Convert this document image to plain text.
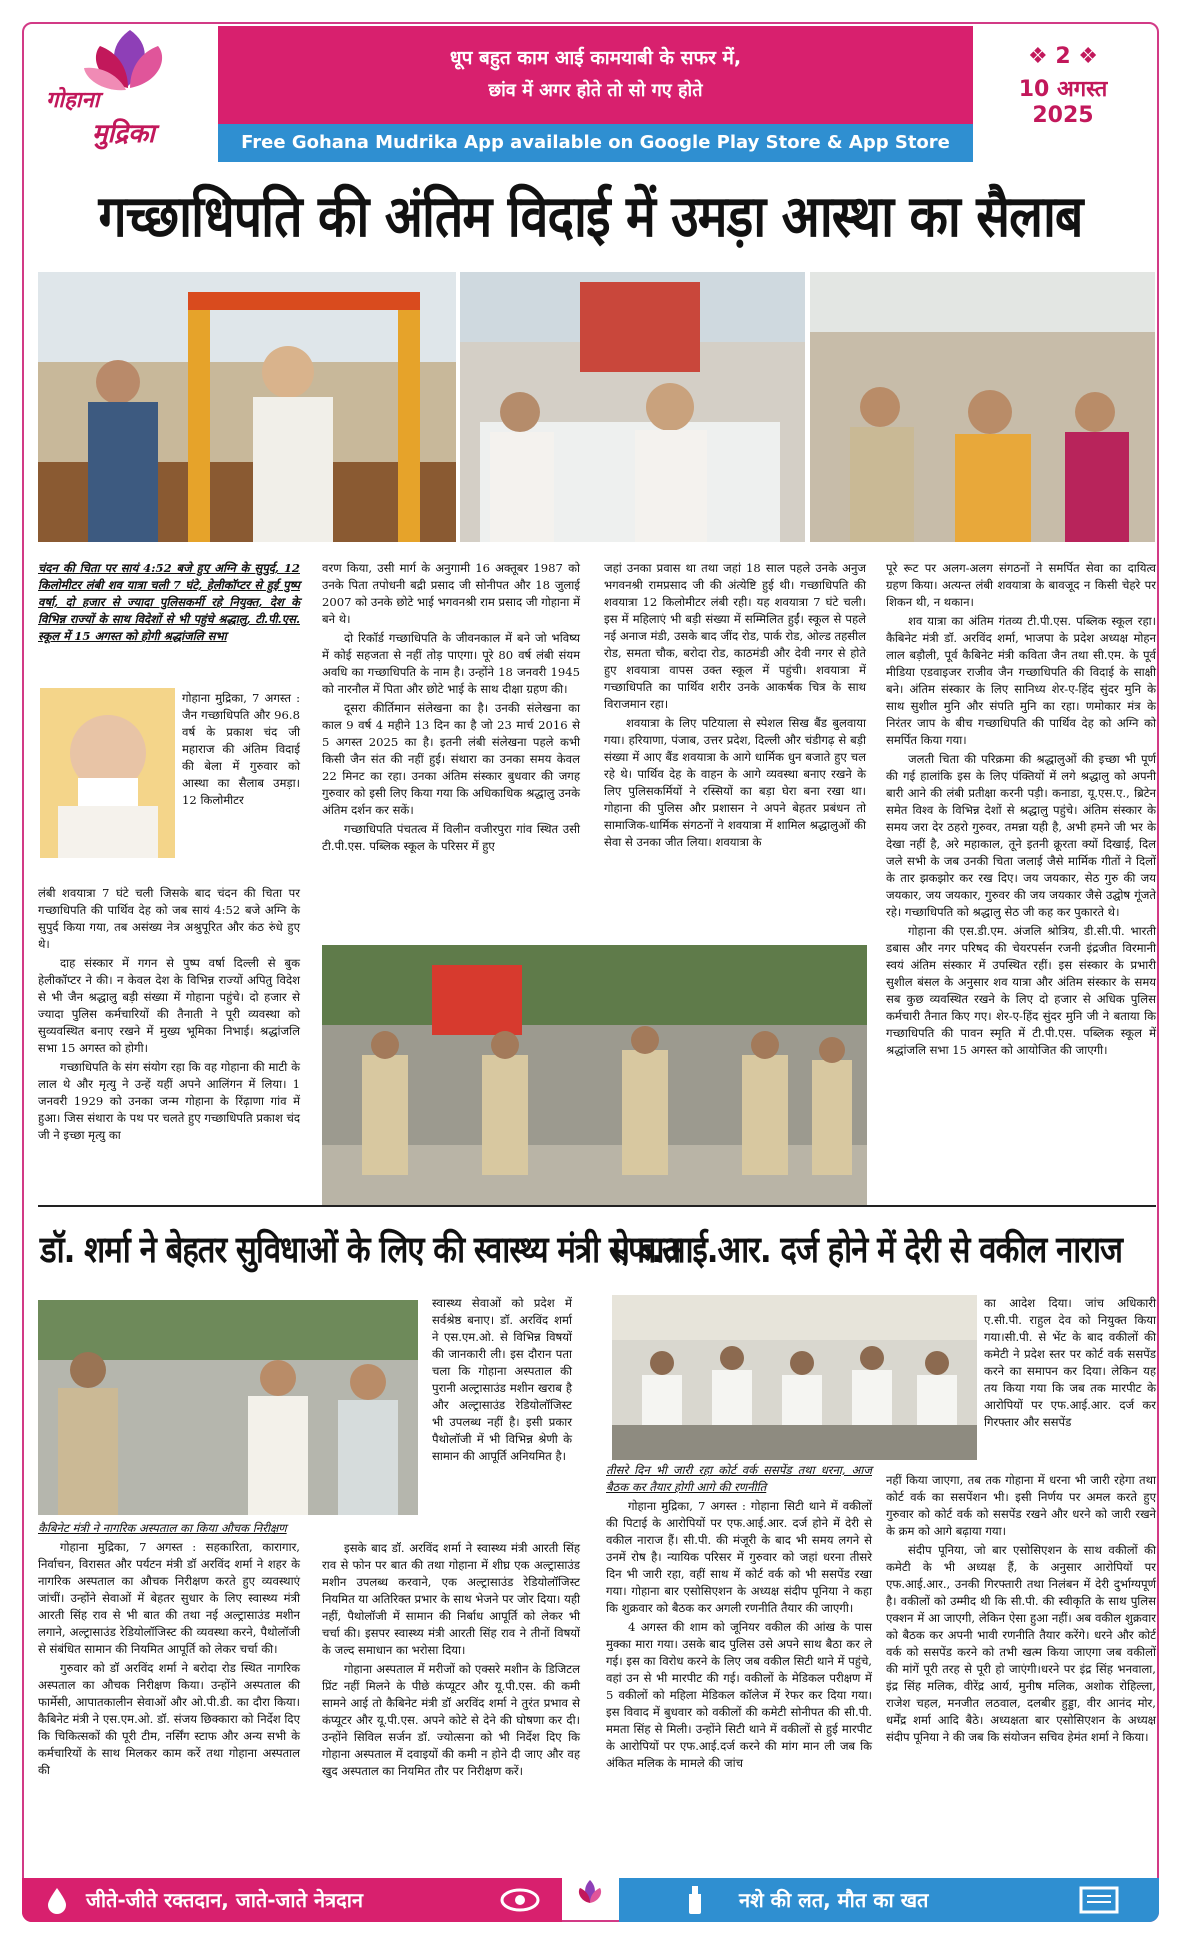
गोहाना
मुद्रिका
धूप बहुत काम आई कामयाबी के सफर में,
छांव में अगर होते तो सो गए होते
Free Gohana Mudrika App available on Google Play Store & App Store
❖ 2 ❖
10 अगस्त
2025
गच्छाधिपति की अंतिम विदाई में उमड़ा आस्था का सैलाब

चंदन की चिता पर सायं 4:52 बजे हुए अग्नि के सुपुर्द, 12 किलोमीटर लंबी शव यात्रा चली 7 घंटे, हेलीकॉप्टर से हुई पुष्प वर्षा, दो हजार से ज्यादा पुलिसकर्मी रहे नियुक्त, देश के विभिन्न राज्यों के साथ विदेशों से भी पहुंचे श्रद्धालु, टी.पी.एस. स्कूल में 15 अगस्त को होगी श्रद्धांजलि सभा

गोहाना मुद्रिका, 7 अगस्त : जैन गच्छाधिपति और 96.8 वर्ष के प्रकाश चंद जी महाराज की अंतिम विदाई की बेला में गुरुवार को आस्था का सैलाब उमड़ा। 12 किलोमीटर

लंबी शवयात्रा 7 घंटे चली जिसके बाद चंदन की चिता पर गच्छाधिपति की पार्थिव देह को जब सायं 4:52 बजे अग्नि के सुपुर्द किया गया, तब असंख्य नेत्र अश्रुपूरित और कंठ रुंधे हुए थे।

दाह संस्कार में गगन से पुष्प वर्षा दिल्ली से बुक हेलीकॉप्टर ने की। न केवल देश के विभिन्न राज्यों अपितु विदेश से भी जैन श्रद्धालु बड़ी संख्या में गोहाना पहुंचे। दो हजार से ज्यादा पुलिस कर्मचारियों की तैनाती ने पूरी व्यवस्था को सुव्यवस्थित बनाए रखने में मुख्य भूमिका निभाई। श्रद्धांजलि सभा 15 अगस्त को होगी।

गच्छाधिपति के संग संयोग रहा कि वह गोहाना की माटी के लाल थे और मृत्यु ने उन्हें यहीं अपने आलिंगन में लिया। 1 जनवरी 1929 को उनका जन्म गोहाना के रिंढ़ाणा गांव में हुआ। जिस संथारा के पथ पर चलते हुए गच्छाधिपति प्रकाश चंद जी ने इच्छा मृत्यु का

वरण किया, उसी मार्ग के अनुगामी 16 अक्तूबर 1987 को उनके पिता तपोधनी बद्री प्रसाद जी सोनीपत और 18 जुलाई 2007 को उनके छोटे भाई भगवनश्री राम प्रसाद जी गोहाना में बने थे।

दो रिकॉर्ड गच्छाधिपति के जीवनकाल में बने जो भविष्य में कोई सहजता से नहीं तोड़ पाएगा। पूरे 80 वर्ष लंबी संयम अवधि का गच्छाधिपति के नाम है। उन्होंने 18 जनवरी 1945 को नारनौल में पिता और छोटे भाई के साथ दीक्षा ग्रहण की।

दूसरा कीर्तिमान संलेखना का है। उनकी संलेखना का काल 9 वर्ष 4 महीने 13 दिन का है जो 23 मार्च 2016 से 5 अगस्त 2025 का है। इतनी लंबी संलेखना पहले कभी किसी जैन संत की नहीं हुई। संथारा का उनका समय केवल 22 मिनट का रहा। उनका अंतिम संस्कार बुधवार की जगह गुरुवार को इसी लिए किया गया कि अधिकाधिक श्रद्धालु उनके अंतिम दर्शन कर सकें।

गच्छाधिपति पंचतत्व में विलीन वजीरपुरा गांव स्थित उसी टी.पी.एस. पब्लिक स्कूल के परिसर में हुए

जहां उनका प्रवास था तथा जहां 18 साल पहले उनके अनुज भगवनश्री रामप्रसाद जी की अंत्येष्टि हुई थी। गच्छाधिपति की शवयात्रा 12 किलोमीटर लंबी रही। यह शवयात्रा 7 घंटे चली। इस में महिलाएं भी बड़ी संख्या में सम्मिलित हुईं। स्कूल से पहले नई अनाज मंडी, उसके बाद जींद रोड, पार्क रोड, ओल्ड तहसील रोड, समता चौक, बरोदा रोड, काठमंडी और देवी नगर से होते हुए शवयात्रा वापस उक्त स्कूल में पहुंची। शवयात्रा में गच्छाधिपति का पार्थिव शरीर उनके आकर्षक चित्र के साथ विराजमान रहा।

शवयात्रा के लिए पटियाला से स्पेशल सिख बैंड बुलवाया गया। हरियाणा, पंजाब, उत्तर प्रदेश, दिल्ली और चंडीगढ़ से बड़ी संख्या में आए बैंड शवयात्रा के आगे धार्मिक धुन बजाते हुए चल रहे थे। पार्थिव देह के वाहन के आगे व्यवस्था बनाए रखने के लिए पुलिसकर्मियों ने रस्सियों का बड़ा घेरा बना रखा था। गोहाना की पुलिस और प्रशासन ने अपने बेहतर प्रबंधन तो सामाजिक-धार्मिक संगठनों ने शवयात्रा में शामिल श्रद्धालुओं की सेवा से उनका जीत लिया। शवयात्रा के

पूरे रूट पर अलग-अलग संगठनों ने समर्पित सेवा का दायित्व ग्रहण किया। अत्यन्त लंबी शवयात्रा के बावजूद न किसी चेहरे पर शिकन थी, न थकान।

शव यात्रा का अंतिम गंतव्य टी.पी.एस. पब्लिक स्कूल रहा। कैबिनेट मंत्री डॉ. अरविंद शर्मा, भाजपा के प्रदेश अध्यक्ष मोहन लाल बड़ौली, पूर्व कैबिनेट मंत्री कविता जैन तथा सी.एम. के पूर्व मीडिया एडवाइजर राजीव जैन गच्छाधिपति की विदाई के साक्षी बने। अंतिम संस्कार के लिए सानिध्य शेर-ए-हिंद सुंदर मुनि के साथ सुशील मुनि और संपति मुनि का रहा। णमोकार मंत्र के निरंतर जाप के बीच गच्छाधिपति की पार्थिव देह को अग्नि को समर्पित किया गया।

जलती चिता की परिक्रमा की श्रद्धालुओं की इच्छा भी पूर्ण की गई हालांकि इस के लिए पंक्तियों में लगे श्रद्धालु को अपनी बारी आने की लंबी प्रतीक्षा करनी पड़ी। कनाडा, यू.एस.ए., ब्रिटेन समेत विश्व के विभिन्न देशों से श्रद्धालु पहुंचे। अंतिम संस्कार के समय जरा देर ठहरो गुरुवर, तमन्ना यही है, अभी हमने जी भर के देखा नहीं है, अरे महाकाल, तूने इतनी क्रूरता क्यों दिखाई, दिल जले सभी के जब उनकी चिता जलाई जैसे मार्मिक गीतों ने दिलों के तार झकझोर कर रख दिए। जय जयकार, सेठ गुरु की जय जयकार, जय जयकार, गुरुवर की जय जयकार जैसे उद्घोष गूंजते रहे। गच्छाधिपति को श्रद्धालु सेठ जी कह कर पुकारते थे।

गोहाना की एस.डी.एम. अंजलि श्रोत्रिय, डी.सी.पी. भारती डबास और नगर परिषद की चेयरपर्सन रजनी इंद्रजीत विरमानी स्वयं अंतिम संस्कार में उपस्थित रहीं। इस संस्कार के प्रभारी सुशील बंसल के अनुसार शव यात्रा और अंतिम संस्कार के समय सब कुछ व्यवस्थित रखने के लिए दो हजार से अधिक पुलिस कर्मचारी तैनात किए गए। शेर-ए-हिंद सुंदर मुनि जी ने बताया कि गच्छाधिपति की पावन स्मृति में टी.पी.एस. पब्लिक स्कूल में श्रद्धांजलि सभा 15 अगस्त को आयोजित की जाएगी।

डॉ. शर्मा ने बेहतर सुविधाओं के लिए की स्वास्थ्य मंत्री से बात

स्वास्थ्य सेवाओं को प्रदेश में सर्वश्रेष्ठ बनाए। डॉ. अरविंद शर्मा ने एस.एम.ओ. से विभिन्न विषयों की जानकारी ली। इस दौरान पता चला कि गोहाना अस्पताल की पुरानी अल्ट्रासाउंड मशीन खराब है और अल्ट्रासाउंड रेडियोलॉजिस्ट भी उपलब्ध नहीं है। इसी प्रकार पैथोलॉजी में भी विभिन्न श्रेणी के सामान की आपूर्ति अनियमित है।

कैबिनेट मंत्री ने नागरिक अस्पताल का किया औचक निरीक्षण

गोहाना मुद्रिका, 7 अगस्त : सहकारिता, कारागार, निर्वाचन, विरासत और पर्यटन मंत्री डॉ अरविंद शर्मा ने शहर के नागरिक अस्पताल का औचक निरीक्षण करते हुए व्यवस्थाएं जांचीं। उन्होंने सेवाओं में बेहतर सुधार के लिए स्वास्थ्य मंत्री आरती सिंह राव से भी बात की तथा नई अल्ट्रासाउंड मशीन लगाने, अल्ट्रासाउंड रेडियोलॉजिस्ट की व्यवस्था करने, पैथोलॉजी से संबंधित सामान की नियमित आपूर्ति को लेकर चर्चा की।

गुरुवार को डॉ अरविंद शर्मा ने बरोदा रोड स्थित नागरिक अस्पताल का औचक निरीक्षण किया। उन्होंने अस्पताल की फार्मेसी, आपातकालीन सेवाओं और ओ.पी.डी. का दौरा किया। कैबिनेट मंत्री ने एस.एम.ओ. डॉ. संजय छिक्कारा को निर्देश दिए कि चिकित्सकों की पूरी टीम, नर्सिंग स्टाफ और अन्य सभी के कर्मचारियों के साथ मिलकर काम करें तथा गोहाना अस्पताल की

इसके बाद डॉ. अरविंद शर्मा ने स्वास्थ्य मंत्री आरती सिंह राव से फोन पर बात की तथा गोहाना में शीघ्र एक अल्ट्रासाउंड मशीन उपलब्ध करवाने, एक अल्ट्रासाउंड रेडियोलॉजिस्ट नियमित या अतिरिक्त प्रभार के साथ भेजने पर जोर दिया। यही नहीं, पैथोलॉजी में सामान की निर्बाध आपूर्ति को लेकर भी चर्चा की। इसपर स्वास्थ्य मंत्री आरती सिंह राव ने तीनों विषयों के जल्द समाधान का भरोसा दिया।

गोहाना अस्पताल में मरीजों को एक्सरे मशीन के डिजिटल प्रिंट नहीं मिलने के पीछे कंप्यूटर और यू.पी.एस. की कमी सामने आई तो कैबिनेट मंत्री डॉ अरविंद शर्मा ने तुरंत प्रभाव से कंप्यूटर और यू.पी.एस. अपने कोटे से देने की घोषणा कर दी। उन्होंने सिविल सर्जन डॉ. ज्योत्सना को भी निर्देश दिए कि गोहाना अस्पताल में दवाइयों की कमी न होने दी जाए और वह खुद अस्पताल का नियमित तौर पर निरीक्षण करें।

एफ.आई.आर. दर्ज होने में देरी से वकील नाराज

का आदेश दिया। जांच अधिकारी ए.सी.पी. राहुल देव को नियुक्त किया गया।सी.पी. से भेंट के बाद वकीलों की कमेटी ने प्रदेश स्तर पर कोर्ट वर्क ससपेंड करने का समापन कर दिया। लेकिन यह तय किया गया कि जब तक मारपीट के आरोपियों पर एफ.आई.आर. दर्ज कर गिरफ्तार और ससपेंड

तीसरे दिन भी जारी रहा कोर्ट वर्क ससपेंड तथा धरना, आज बैठक कर तैयार होगी आगे की रणनीति

गोहाना मुद्रिका, 7 अगस्त : गोहाना सिटी थाने में वकीलों की पिटाई के आरोपियों पर एफ.आई.आर. दर्ज होने में देरी से वकील नाराज हैं। सी.पी. की मंजूरी के बाद भी समय लगने से उनमें रोष है। न्यायिक परिसर में गुरुवार को जहां धरना तीसरे दिन भी जारी रहा, वहीं साथ में कोर्ट वर्क को भी ससपेंड रखा गया। गोहाना बार एसोसिएशन के अध्यक्ष संदीप पूनिया ने कहा कि शुक्रवार को बैठक कर अगली रणनीति तैयार की जाएगी।

4 अगस्त की शाम को जूनियर वकील की आंख के पास मुक्का मारा गया। उसके बाद पुलिस उसे अपने साथ बैठा कर ले गई। इस का विरोध करने के लिए जब वकील सिटी थाने में पहुंचे, वहां उन से भी मारपीट की गई। वकीलों के मेडिकल परीक्षण में 5 वकीलों को महिला मेडिकल कॉलेज में रेफर कर दिया गया। इस विवाद में बुधवार को वकीलों की कमेटी सोनीपत की सी.पी. ममता सिंह से मिली। उन्होंने सिटी थाने में वकीलों से हुई मारपीट के आरोपियों पर एफ.आई.दर्ज करने की मांग मान ली जब कि अंकित मलिक के मामले की जांच

नहीं किया जाएगा, तब तक गोहाना में धरना भी जारी रहेगा तथा कोर्ट वर्क का ससपेंशन भी। इसी निर्णय पर अमल करते हुए गुरुवार को कोर्ट वर्क को ससपेंड रखने और धरने को जारी रखने के क्रम को आगे बढ़ाया गया।

संदीप पूनिया, जो बार एसोसिएशन के साथ वकीलों की कमेटी के भी अध्यक्ष हैं, के अनुसार आरोपियों पर एफ.आई.आर., उनकी गिरफ्तारी तथा निलंबन में देरी दुर्भाग्यपूर्ण है। वकीलों को उम्मीद थी कि सी.पी. की स्वीकृति के साथ पुलिस एक्शन में आ जाएगी, लेकिन ऐसा हुआ नहीं। अब वकील शुक्रवार को बैठक कर अपनी भावी रणनीति तैयार करेंगे। धरने और कोर्ट वर्क को ससपेंड करने को तभी खत्म किया जाएगा जब वकीलों की मांगें पूरी तरह से पूरी हो जाएंगी।धरने पर इंद्र सिंह भनवाला, इंद्र सिंह मलिक, वीरेंद्र आर्य, मुनीष मलिक, अशोक रोहिल्ला, राजेश चहल, मनजीत लठवाल, दलबीर हुड्डा, वीर आनंद मोर, धर्मेंद्र शर्मा आदि बैठे। अध्यक्षता बार एसोसिएशन के अध्यक्ष संदीप पूनिया ने की जब कि संयोजन सचिव हेमंत शर्मा ने किया।

जीते-जीते रक्तदान, जाते-जाते नेत्रदान	नशे की लत, मौत का खत
